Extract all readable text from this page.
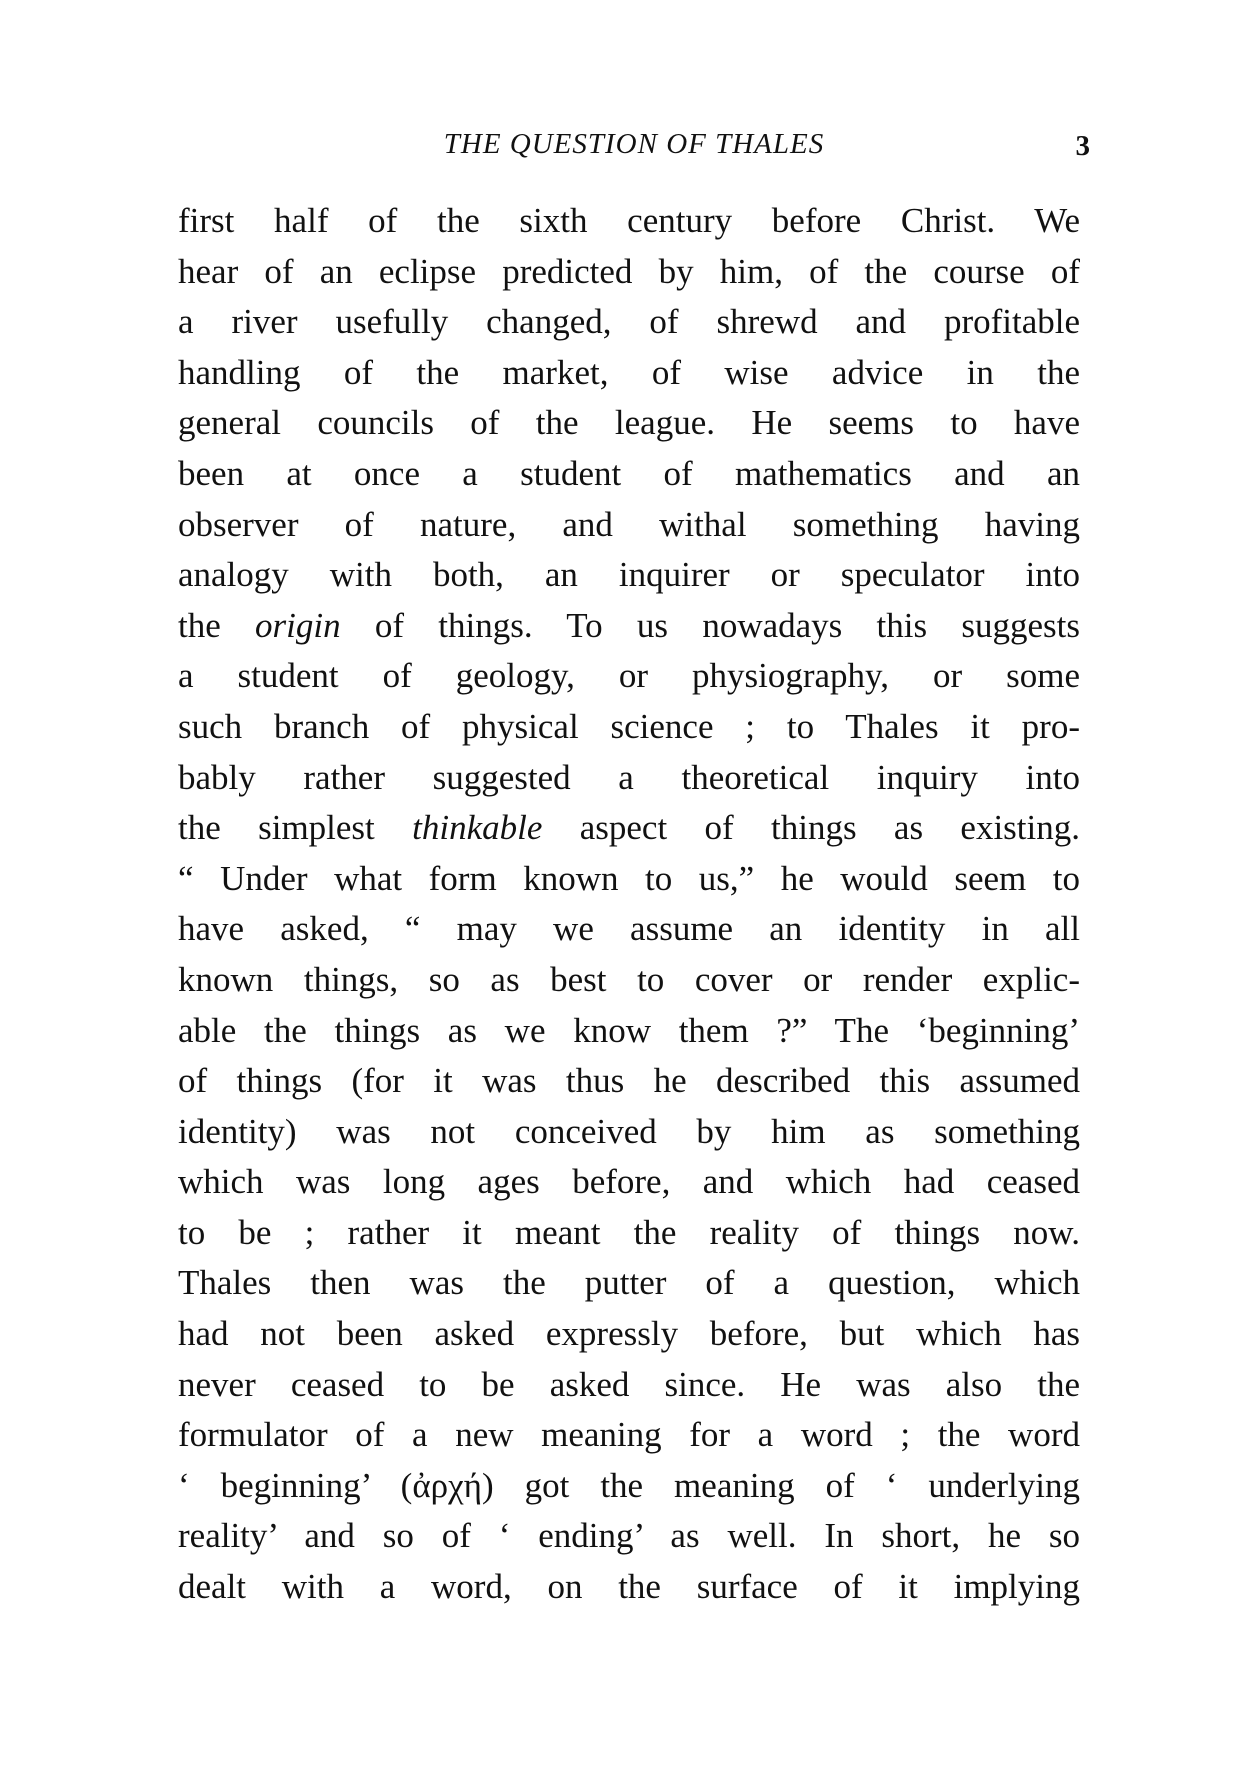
THE QUESTION OF THALES	3
first half of the sixth century before Christ. We
hear of an eclipse predicted by him, of the course of
a river usefully changed, of shrewd and profitable
handling of the market, of wise advice in the
general councils of the league. He seems to have
been at once a student of mathematics and an
observer of nature, and withal something having
analogy with both, an inquirer or speculator into
the origin of things. To us nowadays this suggests
a student of geology, or physiography, or some
such branch of physical science ; to Thales it pro-
bably rather suggested a theoretical inquiry into
the simplest thinkable aspect of things as existing.
“ Under what form known to us,” he would seem to
have asked, “ may we assume an identity in all
known things, so as best to cover or render explic-
able the things as we know them ?” The ‘beginning’
of things (for it was thus he described this assumed
identity) was not conceived by him as something
which was long ages before, and which had ceased
to be ; rather it meant the reality of things now.
Thales then was the putter of a question, which
had not been asked expressly before, but which has
never ceased to be asked since. He was also the
formulator of a new meaning for a word ; the word
‘ beginning’ (ἀρχή) got the meaning of ‘ underlying
reality’ and so of ‘ ending’ as well. In short, he so
dealt with a word, on the surface of it implying
